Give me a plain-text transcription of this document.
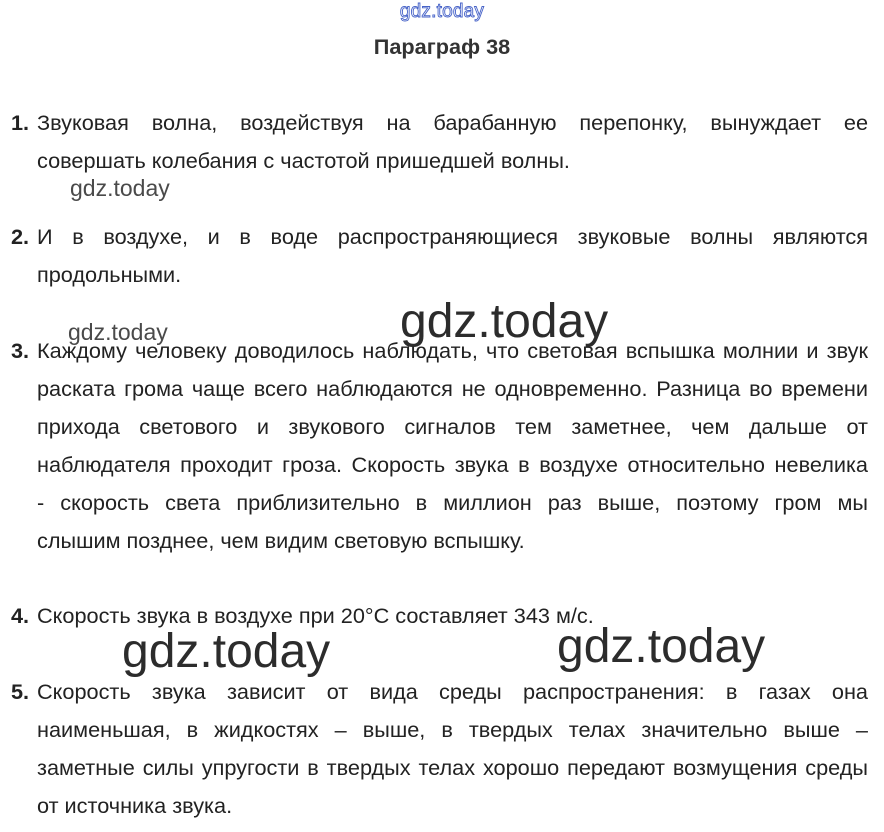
gdz.today
Параграф 38
1. Звуковая волна, воздействуя на барабанную перепонку, вынуждает ее
совершать колебания с частотой пришедшей волны.
gdz.today
2. И в воздухе, и в воде распространяющиеся звуковые волны являются
продольными.
gdz.today	gdz.today
3. Каждому человеку доводилось наблюдать, что световая вспышка молнии и звук
раската грома чаще всего наблюдаются не одновременно. Разница во времени
прихода светового и звукового сигналов тем заметнее, чем дальше от
наблюдателя проходит гроза. Скорость звука в воздухе относительно невелика
- скорость света приблизительно в миллион раз выше, поэтому гром мы
слышим позднее, чем видим световую вспышку.
4. Скорость звука в воздухе при 20°С составляет 343 м/с.
gdz.today	gdz.today
5. Скорость звука зависит от вида среды распространения: в газах она
наименьшая, в жидкостях – выше, в твердых телах значительно выше –
заметные силы упругости в твердых телах хорошо передают возмущения среды
от источника звука.
